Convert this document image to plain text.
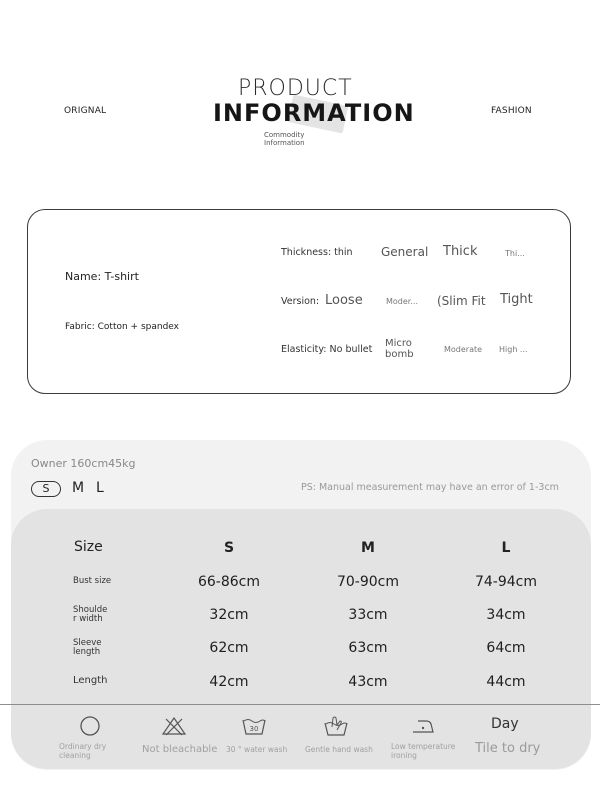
ORIGNAL	FASHION
PRODUCT
INFORMATION
Commodity
Information
Name: T-shirt
Fabric: Cotton + spandex
Thickness: thin General Thick	Thi...
Version: Loose	Moder... (Slim Fit Tight
Elasticity: No bullet
Micro
bomb	Moderate High ...
Owner 160cm45kg
S	M L	PS: Manual measurement may have an error of 1-3cm
Size	S	M	L
Bust size	66-86cm	70-90cm	74-94cm
Shoulde
r width	32cm	33cm	34cm
Sleeve
length	62cm	63cm	64cm
Length	42cm	43cm	44cm
Ordinary dry
cleaning
Not bleachable
30
30 ° water wash Gentle hand wash Low temperature
ironing
Day
Tile to dry
